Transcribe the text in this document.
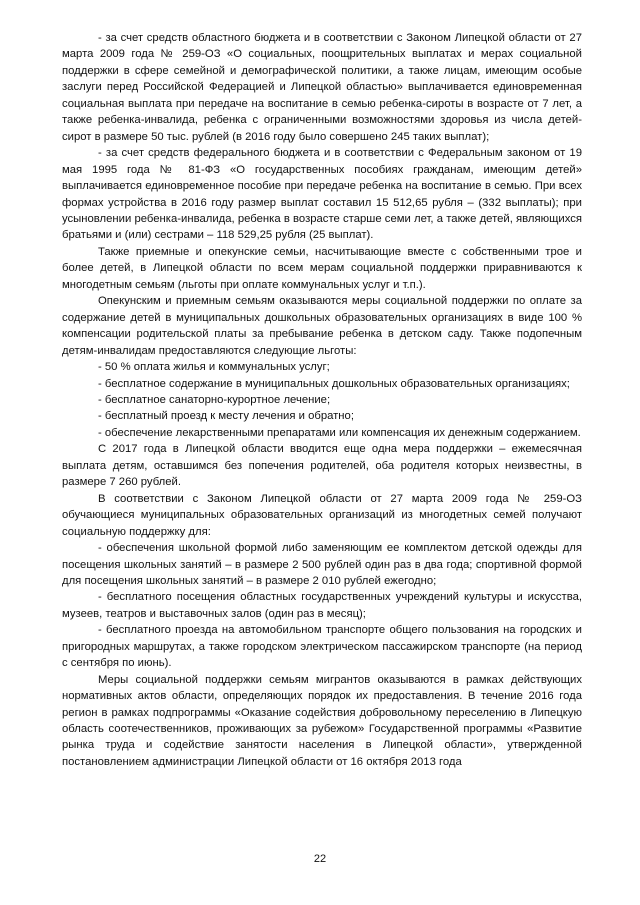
- за счет средств областного бюджета и в соответствии с Законом Липецкой области от 27 марта 2009 года № 259-ОЗ «О социальных, поощрительных выплатах и мерах социальной поддержки в сфере семейной и демографической политики, а также лицам, имеющим особые заслуги перед Российской Федерацией и Липецкой областью» выплачивается единовременная социальная выплата при передаче на воспитание в семью ребенка-сироты в возрасте от 7 лет, а также ребенка-инвалида, ребенка с ограниченными возможностями здоровья из числа детей-сирот в размере 50 тыс. рублей (в 2016 году было совершено 245 таких выплат);

- за счет средств федерального бюджета и в соответствии с Федеральным законом от 19 мая 1995 года № 81-ФЗ «О государственных пособиях гражданам, имеющим детей» выплачивается единовременное пособие при передаче ребенка на воспитание в семью. При всех формах устройства в 2016 году размер выплат составил 15 512,65 рубля – (332 выплаты); при усыновлении ребенка-инвалида, ребенка в возрасте старше семи лет, а также детей, являющихся братьями и (или) сестрами – 118 529,25 рубля (25 выплат).

Также приемные и опекунские семьи, насчитывающие вместе с собственными трое и более детей, в Липецкой области по всем мерам социальной поддержки приравниваются к многодетным семьям (льготы при оплате коммунальных услуг и т.п.).

Опекунским и приемным семьям оказываются меры социальной поддержки по оплате за содержание детей в муниципальных дошкольных образовательных организациях в виде 100 % компенсации родительской платы за пребывание ребенка в детском саду. Также подопечным детям-инвалидам предоставляются следующие льготы:

- 50 % оплата жилья и коммунальных услуг;

- бесплатное содержание в муниципальных дошкольных образовательных организациях;

- бесплатное санаторно-курортное лечение;

- бесплатный проезд к месту лечения и обратно;

- обеспечение лекарственными препаратами или компенсация их денежным содержанием.

С 2017 года в Липецкой области вводится еще одна мера поддержки – ежемесячная выплата детям, оставшимся без попечения родителей, оба родителя которых неизвестны, в размере 7 260 рублей.

В соответствии с Законом Липецкой области от 27 марта 2009 года № 259-ОЗ обучающиеся муниципальных образовательных организаций из многодетных семей получают социальную поддержку для:

- обеспечения школьной формой либо заменяющим ее комплектом детской одежды для посещения школьных занятий – в размере 2 500 рублей один раз в два года; спортивной формой для посещения школьных занятий – в размере 2 010 рублей ежегодно;

- бесплатного посещения областных государственных учреждений культуры и искусства, музеев, театров и выставочных залов (один раз в месяц);

- бесплатного проезда на автомобильном транспорте общего пользования на городских и пригородных маршрутах, а также городском электрическом пассажирском транспорте (на период с сентября по июнь).

Меры социальной поддержки семьям мигрантов оказываются в рамках действующих нормативных актов области, определяющих порядок их предоставления. В течение 2016 года регион в рамках подпрограммы «Оказание содействия добровольному переселению в Липецкую область соотечественников, проживающих за рубежом» Государственной программы «Развитие рынка труда и содействие занятости населения в Липецкой области», утвержденной постановлением администрации Липецкой области от 16 октября 2013 года

22
